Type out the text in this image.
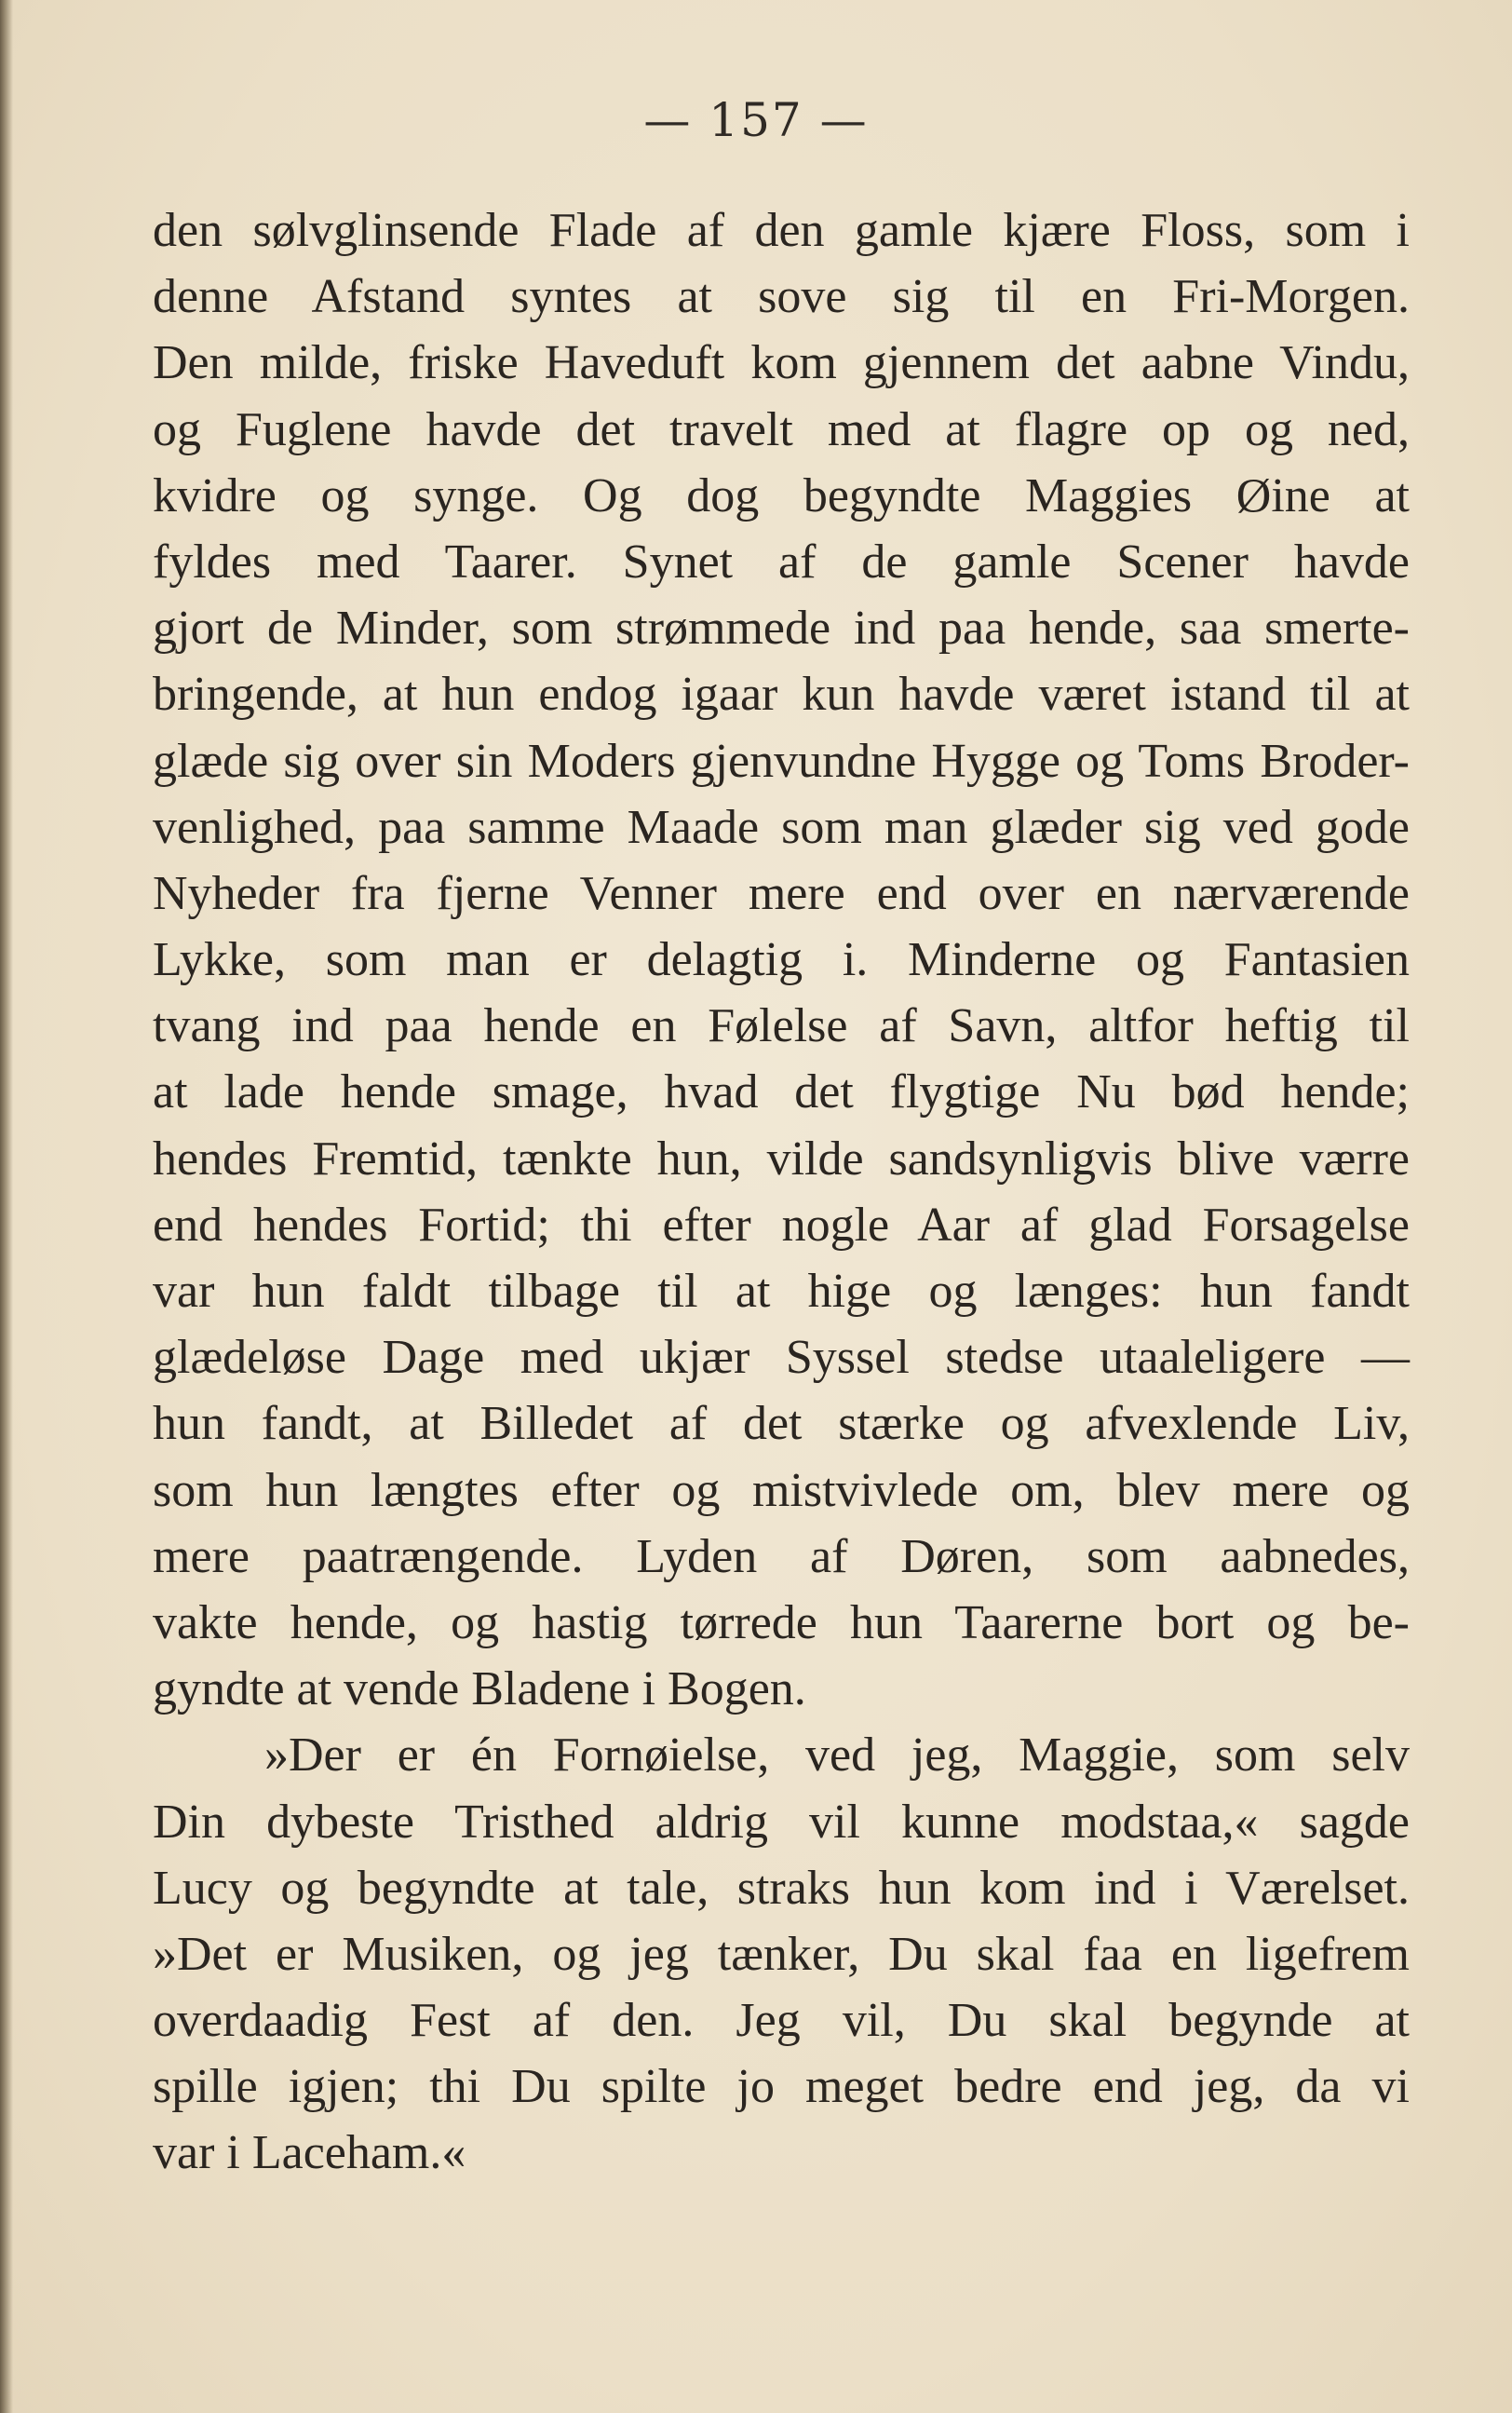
— 157 —
den sølvglinsende Flade af den gamle kjære Floss, som i
denne Afstand syntes at sove sig til en Fri-Morgen.
Den milde, friske Haveduft kom gjennem det aabne Vindu,
og Fuglene havde det travelt med at flagre op og ned,
kvidre og synge. Og dog begyndte Maggies Øine at
fyldes med Taarer. Synet af de gamle Scener havde
gjort de Minder, som strømmede ind paa hende, saa smerte-
bringende, at hun endog igaar kun havde været istand til at
glæde sig over sin Moders gjenvundne Hygge og Toms Broder-
venlighed, paa samme Maade som man glæder sig ved gode
Nyheder fra fjerne Venner mere end over en nærværende
Lykke, som man er delagtig i. Minderne og Fantasien
tvang ind paa hende en Følelse af Savn, altfor heftig til
at lade hende smage, hvad det flygtige Nu bød hende;
hendes Fremtid, tænkte hun, vilde sandsynligvis blive værre
end hendes Fortid; thi efter nogle Aar af glad Forsagelse
var hun faldt tilbage til at hige og længes: hun fandt
glædeløse Dage med ukjær Syssel stedse utaaleligere —
hun fandt, at Billedet af det stærke og afvexlende Liv,
som hun længtes efter og mistvivlede om, blev mere og
mere paatrængende. Lyden af Døren, som aabnedes,
vakte hende, og hastig tørrede hun Taarerne bort og be-
gyndte at vende Bladene i Bogen.
»Der er én Fornøielse, ved jeg, Maggie, som selv
Din dybeste Tristhed aldrig vil kunne modstaa,« sagde
Lucy og begyndte at tale, straks hun kom ind i Værelset.
»Det er Musiken, og jeg tænker, Du skal faa en ligefrem
overdaadig Fest af den. Jeg vil, Du skal begynde at
spille igjen; thi Du spilte jo meget bedre end jeg, da vi
var i Laceham.«
